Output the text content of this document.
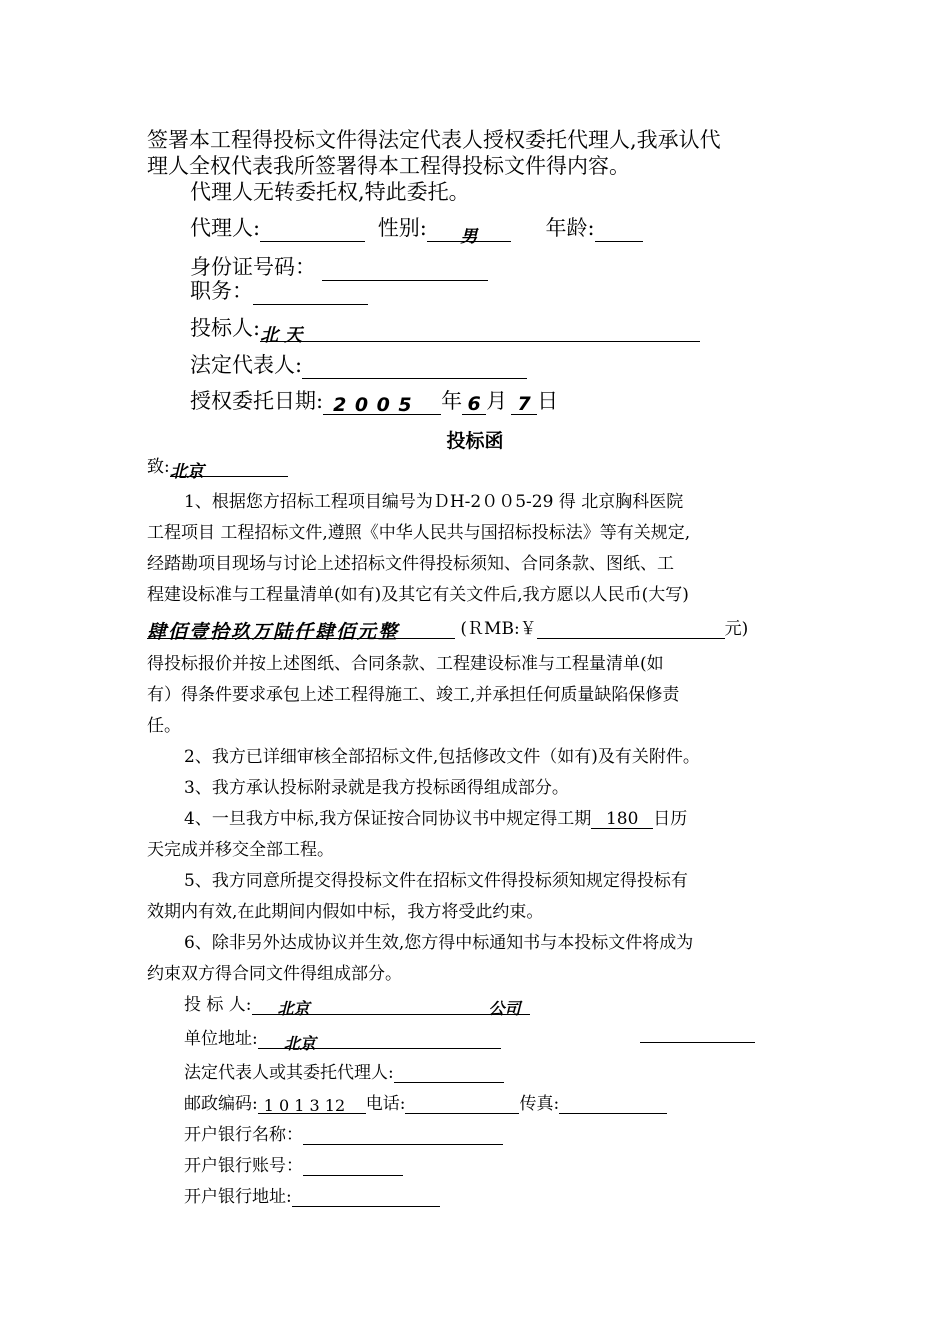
签署本工程得投标文件得法定代表人授权委托代理人,我承认代
理人全权代表我所签署得本工程得投标文件得内容。
代理人无转委托权,特此委托。
代理人:	性别: 男	年龄:
身份证号码：
职务：
投标人:北 天
法定代表人:
授权委托日期: 2005 年 6 月 7 日
投标函
致:北京
1、根据您方招标工程项目编号为ＤH-2００5-29 得 北京胸科医院
工程项目 工程招标文件,遵照《中华人民共与国招标投标法》等有关规定,
经踏勘项目现场与讨论上述招标文件得投标须知、合同条款、图纸、工
程建设标准与工程量清单(如有)及其它有关文件后,我方愿以人民币(大写)
肆佰壹拾玖万陆仟肆佰元整	(ＲMB:￥	元)
得投标报价并按上述图纸、合同条款、工程建设标准与工程量清单(如
有）得条件要求承包上述工程得施工、竣工,并承担任何质量缺陷保修责
任。
2、我方已详细审核全部招标文件,包括修改文件（如有)及有关附件。
3、我方承认投标附录就是我方投标函得组成部分。
4、一旦我方中标,我方保证按合同协议书中规定得工期 180 日历
天完成并移交全部工程。
5、我方同意所提交得投标文件在招标文件得投标须知规定得投标有
效期内有效,在此期间内假如中标，我方将受此约束。
6、除非另外达成协议并生效,您方得中标通知书与本投标文件将成为
约束双方得合同文件得组成部分。
投 标 人: 北京	公司
单位地址: 北京
法定代表人或其委托代理人:
邮政编码: 1 0 1 3 12 电话:	传真:
开户银行名称：
开户银行账号：
开户银行地址:
